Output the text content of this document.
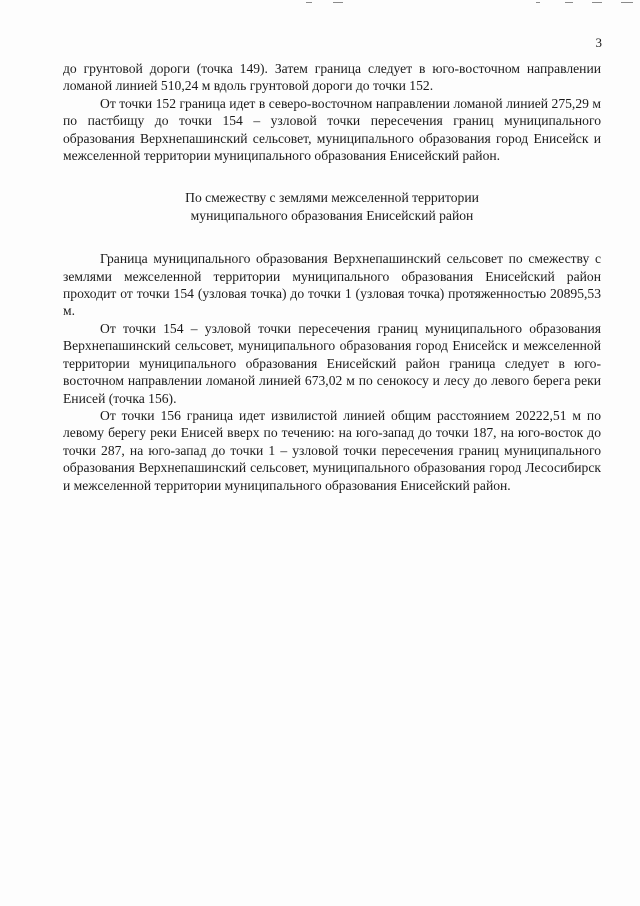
3

до грунтовой дороги (точка 149). Затем граница следует в юго-восточном направлении ломаной линией 510,24 м вдоль грунтовой дороги до точки 152.

От точки 152 граница идет в северо-восточном направлении ломаной линией 275,29 м по пастбищу до точки 154 – узловой точки пересечения границ муниципального образования Верхнепашинский сельсовет, муниципального образования город Енисейск и межселенной территории муниципального образования Енисейский район.

По смежеству с землями межселенной территории
муниципального образования Енисейский район

Граница муниципального образования Верхнепашинский сельсовет по смежеству с землями межселенной территории муниципального образования Енисейский район проходит от точки 154 (узловая точка) до точки 1 (узловая точка) протяженностью 20895,53 м.

От точки 154 – узловой точки пересечения границ муниципального образования Верхнепашинский сельсовет, муниципального образования город Енисейск и межселенной территории муниципального образования Енисейский район граница следует в юго-восточном направлении ломаной линией 673,02 м по сенокосу и лесу до левого берега реки Енисей (точка 156).

От точки 156 граница идет извилистой линией общим расстоянием 20222,51 м по левому берегу реки Енисей вверх по течению: на юго-запад до точки 187, на юго-восток до точки 287, на юго-запад до точки 1 – узловой точки пересечения границ муниципального образования Верхнепашинский сельсовет, муниципального образования город Лесосибирск и межселенной территории муниципального образования Енисейский район.
